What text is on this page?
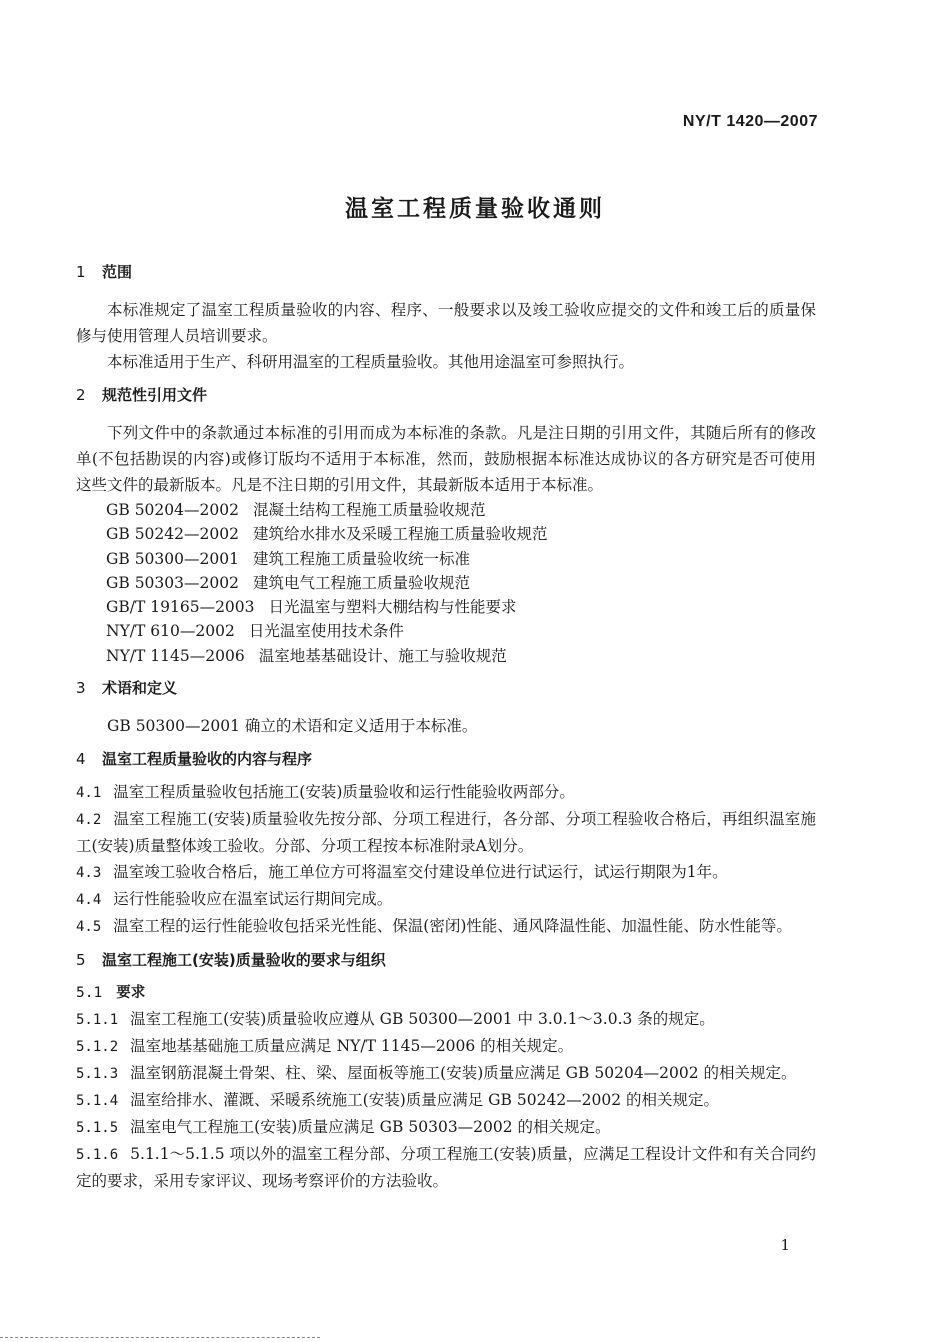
NY/T 1420—2007
温室工程质量验收通则
1 范围

本标准规定了温室工程质量验收的内容、程序、一般要求以及竣工验收应提交的文件和竣工后的质量保修与使用管理人员培训要求。

本标准适用于生产、科研用温室的工程质量验收。其他用途温室可参照执行。

2 规范性引用文件

下列文件中的条款通过本标准的引用而成为本标准的条款。凡是注日期的引用文件，其随后所有的修改单(不包括勘误的内容)或修订版均不适用于本标准，然而，鼓励根据本标准达成协议的各方研究是否可使用这些文件的最新版本。凡是不注日期的引用文件，其最新版本适用于本标准。

GB 50204—2002 混凝土结构工程施工质量验收规范
GB 50242—2002 建筑给水排水及采暖工程施工质量验收规范
GB 50300—2001 建筑工程施工质量验收统一标准
GB 50303—2002 建筑电气工程施工质量验收规范
GB/T 19165—2003 日光温室与塑料大棚结构与性能要求
NY/T 610—2002 日光温室使用技术条件
NY/T 1145—2006 温室地基基础设计、施工与验收规范
3 术语和定义

GB 50300—2001 确立的术语和定义适用于本标准。

4 温室工程质量验收的内容与程序

4.1 温室工程质量验收包括施工(安装)质量验收和运行性能验收两部分。

4.2 温室工程施工(安装)质量验收先按分部、分项工程进行，各分部、分项工程验收合格后，再组织温室施工(安装)质量整体竣工验收。分部、分项工程按本标准附录A划分。

4.3 温室竣工验收合格后，施工单位方可将温室交付建设单位进行试运行，试运行期限为1年。

4.4 运行性能验收应在温室试运行期间完成。

4.5 温室工程的运行性能验收包括采光性能、保温(密闭)性能、通风降温性能、加温性能、防水性能等。

5 温室工程施工(安装)质量验收的要求与组织
5.1 要求

5.1.1 温室工程施工(安装)质量验收应遵从 GB 50300—2001 中 3.0.1～3.0.3 条的规定。

5.1.2 温室地基基础施工质量应满足 NY/T 1145—2006 的相关规定。

5.1.3 温室钢筋混凝土骨架、柱、梁、屋面板等施工(安装)质量应满足 GB 50204—2002 的相关规定。

5.1.4 温室给排水、灌溉、采暖系统施工(安装)质量应满足 GB 50242—2002 的相关规定。

5.1.5 温室电气工程施工(安装)质量应满足 GB 50303—2002 的相关规定。

5.1.6 5.1.1～5.1.5 项以外的温室工程分部、分项工程施工(安装)质量，应满足工程设计文件和有关合同约定的要求，采用专家评议、现场考察评价的方法验收。

1
